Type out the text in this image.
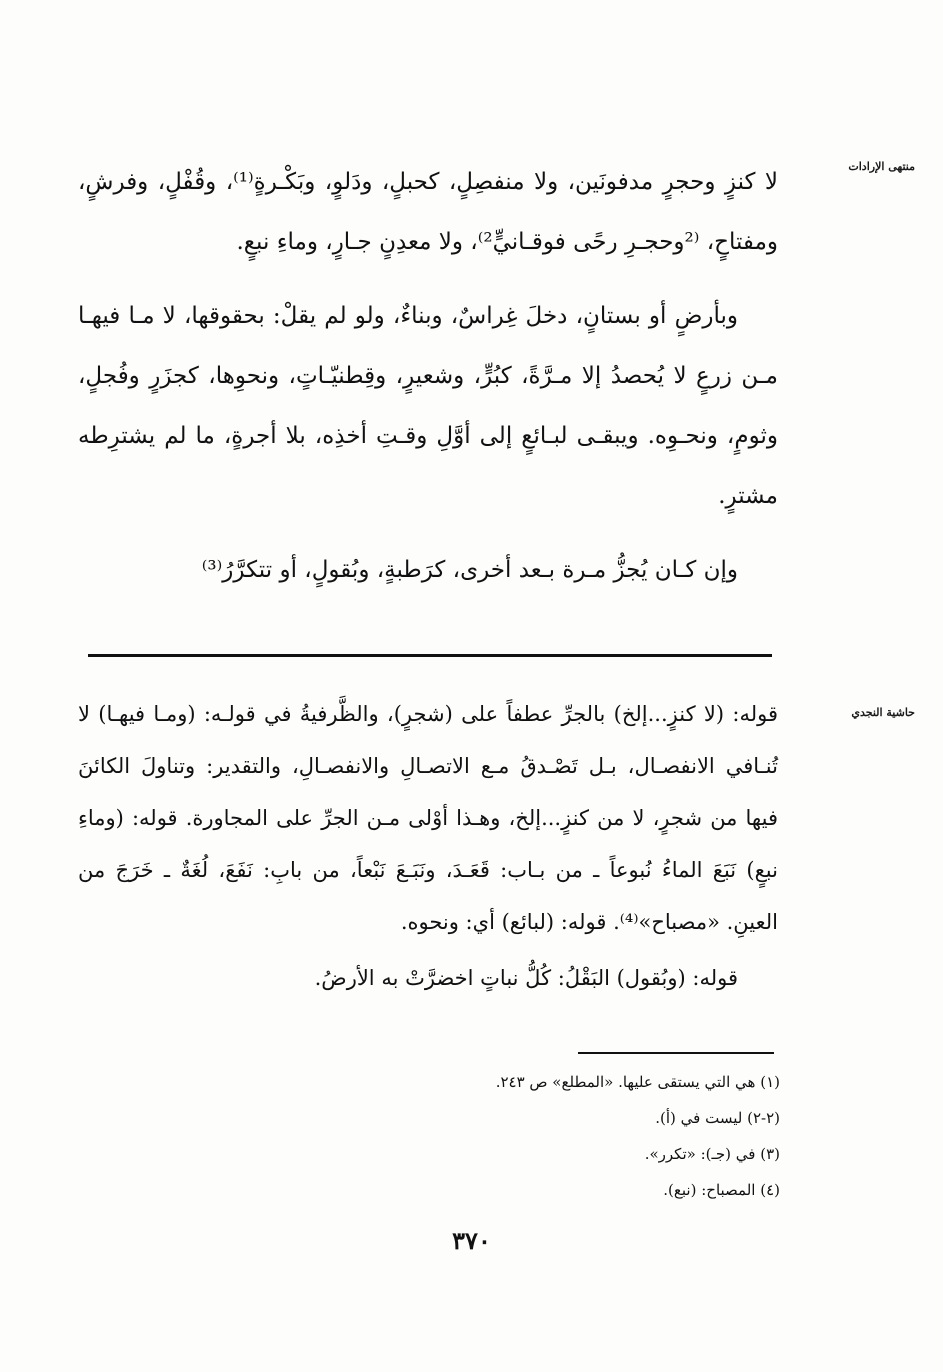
منتهى الإرادات

لا كنزٍ وحجرٍ مدفونَين، ولا منفصِلٍ، كحبلٍ، ودَلوٍ، وبَكْـرةٍ⁽¹⁾، وقُفْلٍ، وفرشٍ، ومفتاحٍ، ⁽²وحجـرِ رحًى فوقـانيٍّ²⁾، ولا معدِنٍ جـارٍ، وماءِ نبعٍ.

وبأرضٍ أو بستانٍ، دخلَ غِراسٌ، وبناءٌ، ولو لم يقلْ: بحقوقها، لا مـا فيهـا مـن زرعٍ لا يُحصدُ إلا مـرَّةً، كبُرٍّ، وشعيرٍ، وقِطنيّـاتٍ، ونحوِها، كجزَرٍ وفُجلٍ، وثومٍ، ونحـوِه. ويبقـى لبـائعٍ إلى أوَّلِ وقـتِ أخذِه، بلا أجرةٍ، ما لم يشترِطه مشترٍ.

وإن كـان يُجزُّ مـرة بـعد أخرى، كرَطبةٍ، وبُقولٍ، أو تتكرَّرُ⁽³⁾

حاشية النجدي

قوله: (لا كنزٍ...إلخ) بالجرِّ عطفاً على (شجرٍ)، والظَّرفيةُ في قولـه: (ومـا فيهـا) لا تُنـافي الانفصـال، بـل تَصْـدقُ مـع الاتصـالِ والانفصـالِ، والتقدير: وتناولَ الكائنَ فيها من شجرٍ، لا من كنزٍ...إلخ، وهـذا أوْلى مـن الجرِّ على المجاورة. قوله: (وماءِ نبعٍ) نَبَعَ الماءُ نُبوعاً ـ من بـاب: قَعَـدَ، ونَبَـعَ نَبْعاً، من بابِ: نَفَعَ، لُغَةٌ ـ خَرَجَ من العينِ. «مصباح»⁽⁴⁾. قوله: (لبائع) أي: ونحوه.

قوله: (وبُقول) البَقْلُ: كُلُّ نباتٍ اخضرَّتْ به الأرضُ.

(١) هي التي يستقى عليها. «المطلع» ص ٢٤٣.

(٢-٢) ليست في (أ).

(٣) في (جـ): «تكرر».

(٤) المصباح: (نبع).

٣٧٠
